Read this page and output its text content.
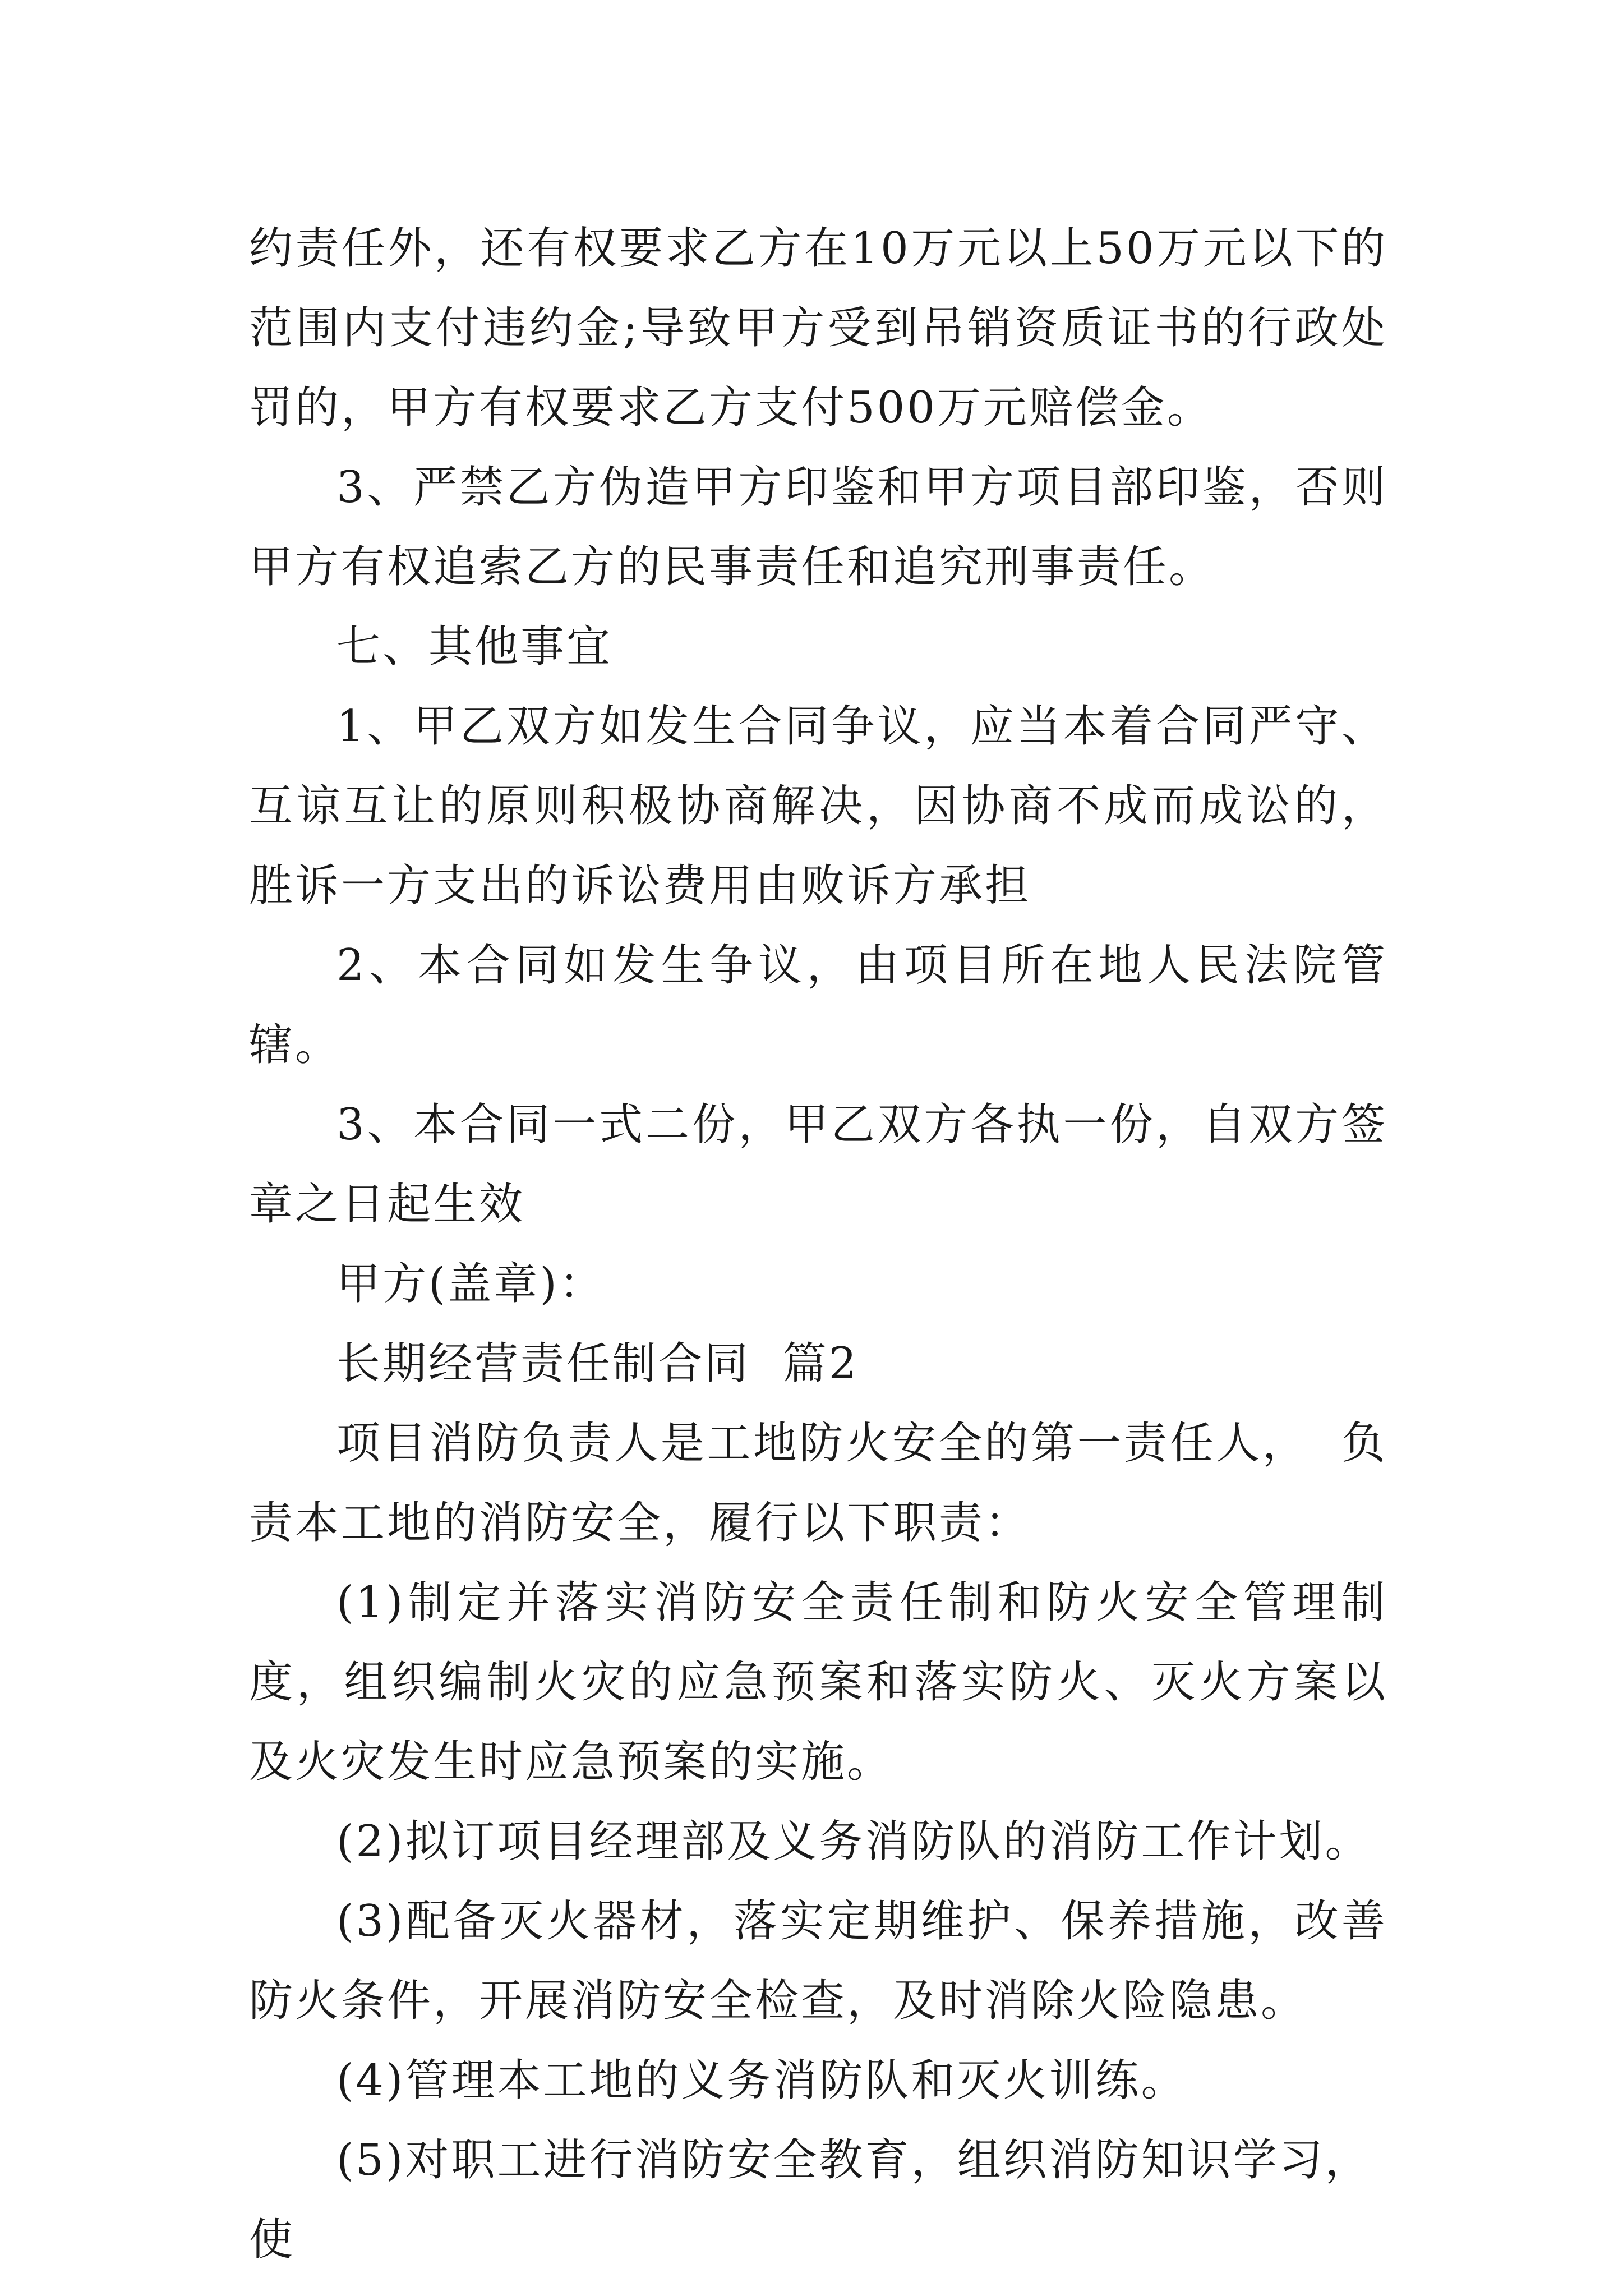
约责任外，还有权要求乙方在10万元以上50万元以下的范围内支付违约金;导致甲方受到吊销资质证书的行政处罚的，甲方有权要求乙方支付500万元赔偿金。

3、严禁乙方伪造甲方印鉴和甲方项目部印鉴，否则甲方有权追索乙方的民事责任和追究刑事责任。

七、其他事宜

1、甲乙双方如发生合同争议，应当本着合同严守、互谅互让的原则积极协商解决，因协商不成而成讼的，胜诉一方支出的诉讼费用由败诉方承担

2、本合同如发生争议，由项目所在地人民法院管辖。

3、本合同一式二份，甲乙双方各执一份，自双方签章之日起生效

甲方(盖章)：

长期经营责任制合同  篇2

项目消防负责人是工地防火安全的第一责任人，  负责本工地的消防安全，履行以下职责：

(1)制定并落实消防安全责任制和防火安全管理制度，组织编制火灾的应急预案和落实防火、灭火方案以及火灾发生时应急预案的实施。

(2)拟订项目经理部及义务消防队的消防工作计划。

(3)配备灭火器材，落实定期维护、保养措施，改善防火条件，开展消防安全检查，及时消除火险隐患。

(4)管理本工地的义务消防队和灭火训练。

(5)对职工进行消防安全教育，组织消防知识学习，使
